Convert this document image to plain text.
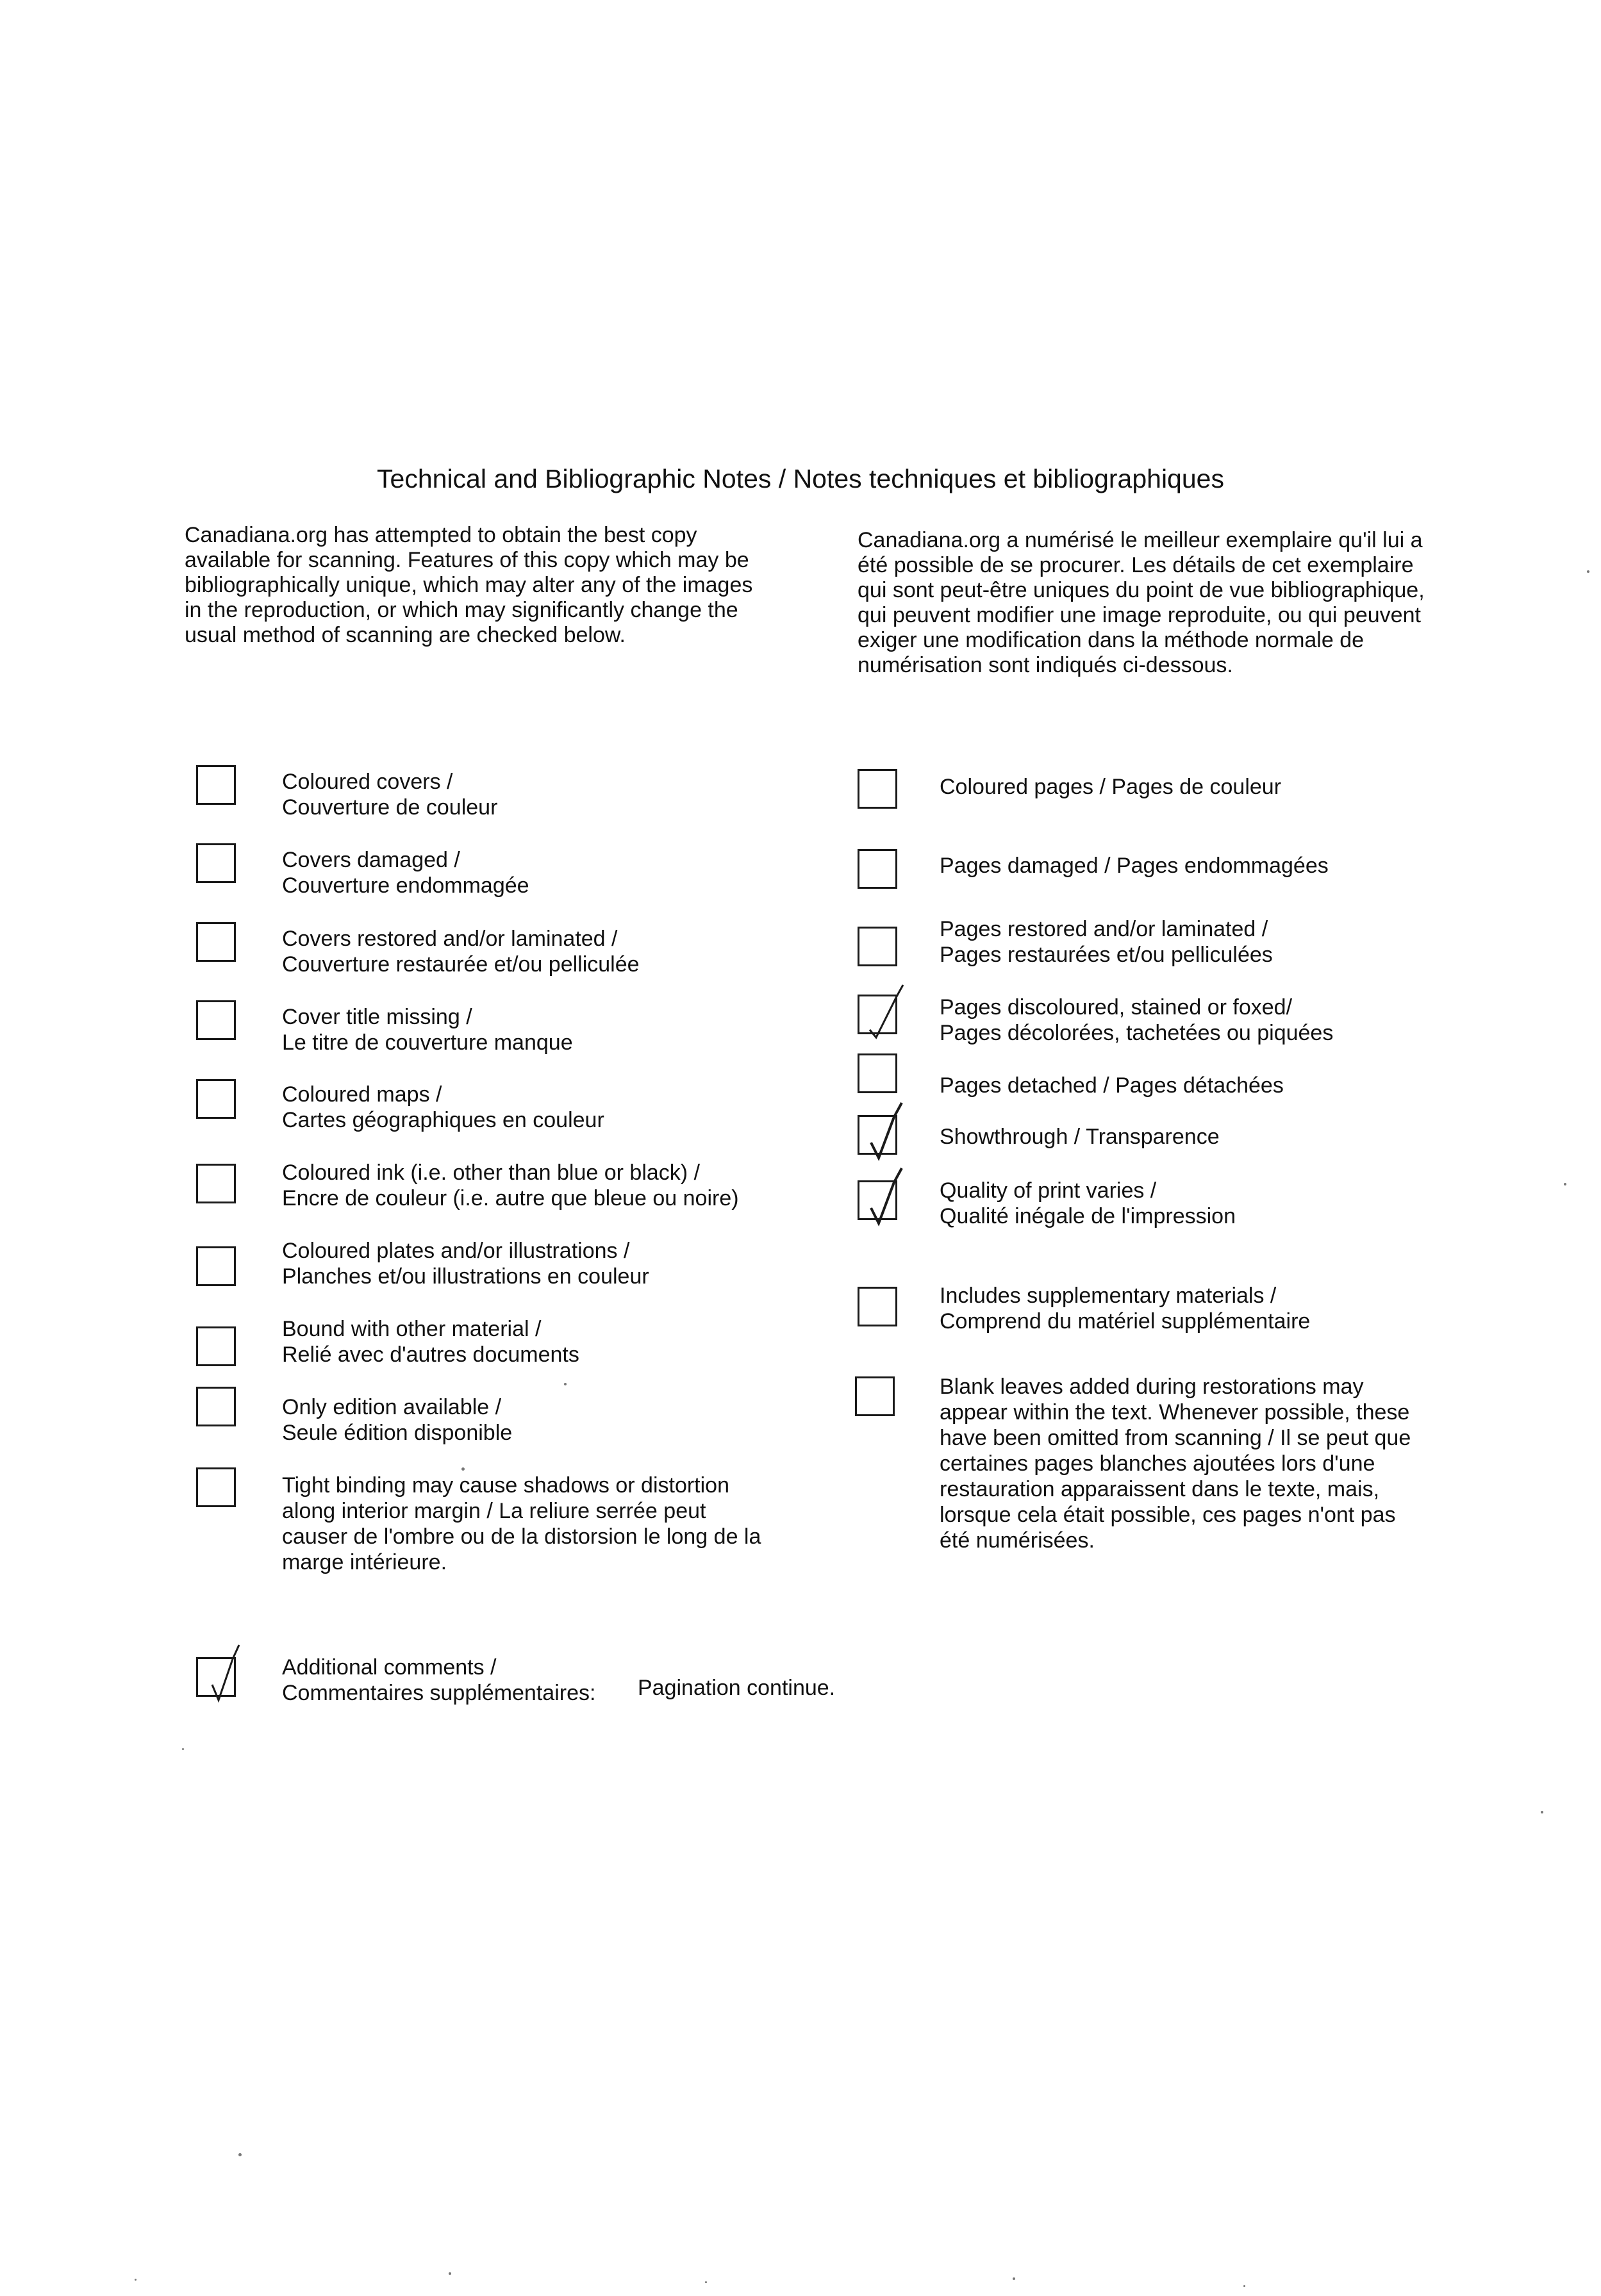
Technical and Bibliographic Notes / Notes techniques et bibliographiques
Canadiana.org has attempted to obtain the best copy
available for scanning. Features of this copy which may be
bibliographically unique, which may alter any of the images
in the reproduction, or which may significantly change the
usual method of scanning are checked below.
Canadiana.org a numérisé le meilleur exemplaire qu'il lui a
été possible de se procurer. Les détails de cet exemplaire
qui sont peut-être uniques du point de vue bibliographique,
qui peuvent modifier une image reproduite, ou qui peuvent
exiger une modification dans la méthode normale de
numérisation sont indiqués ci-dessous.
Coloured covers /
Couverture de couleur
Covers damaged /
Couverture endommagée
Covers restored and/or laminated /
Couverture restaurée et/ou pelliculée
Cover title missing /
Le titre de couverture manque
Coloured maps /
Cartes géographiques en couleur
Coloured ink (i.e. other than blue or black) /
Encre de couleur (i.e. autre que bleue ou noire)
Coloured plates and/or illustrations /
Planches et/ou illustrations en couleur
Bound with other material /
Relié avec d'autres documents
Only edition available /
Seule édition disponible
Tight binding may cause shadows or distortion
along interior margin / La reliure serrée peut
causer de l'ombre ou de la distorsion le long de la
marge intérieure.
Coloured pages / Pages de couleur
Pages damaged / Pages endommagées
Pages restored and/or laminated /
Pages restaurées et/ou pelliculées
Pages discoloured, stained or foxed/
Pages décolorées, tachetées ou piquées
Pages detached / Pages détachées
Showthrough / Transparence
Quality of print varies /
Qualité inégale de l'impression
Includes supplementary materials /
Comprend du matériel supplémentaire
Blank leaves added during restorations may
appear within the text. Whenever possible, these
have been omitted from scanning / Il se peut que
certaines pages blanches ajoutées lors d'une
restauration apparaissent dans le texte, mais,
lorsque cela était possible, ces pages n'ont pas
été numérisées.
Additional comments /
Commentaires supplémentaires: Pagination continue.
